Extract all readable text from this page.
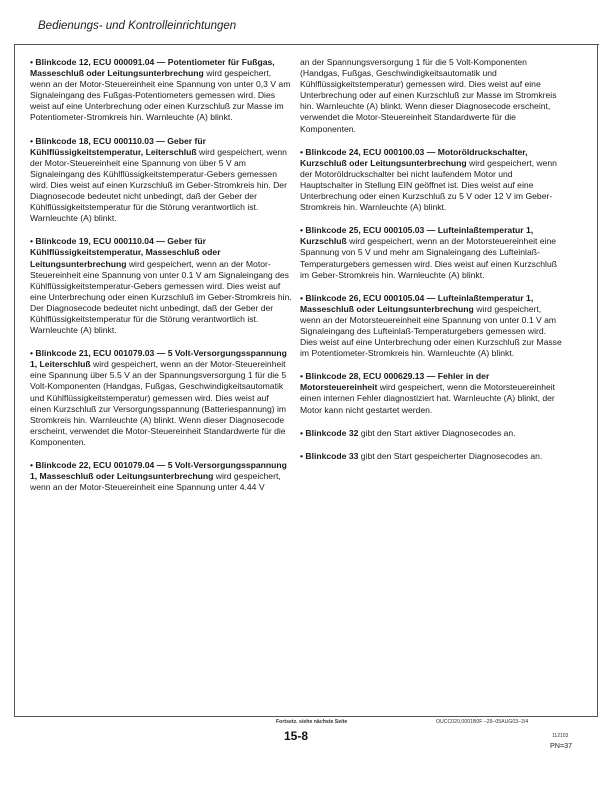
Bedienungs- und Kontrolleinrichtungen

• Blinkcode 12, ECU 000091.04 — Potentiometer für Fußgas, Masseschluß oder Leitungsunterbrechung wird gespeichert, wenn an der Motor-Steuereinheit eine Spannung von unter 0,3 V am Signaleingang des Fußgas-Potentiometers gemessen wird. Dies weist auf eine Unterbrechung oder einen Kurzschluß zur Masse im Potentiometer-Stromkreis hin. Warnleuchte (A) blinkt.

• Blinkcode 18, ECU 000110.03 — Geber für Kühlflüssigkeitstemperatur, Leiterschluß wird gespeichert, wenn der Motor-Steuereinheit eine Spannung von über 5 V am Signaleingang des Kühlflüssigkeitstemperatur-Gebers gemessen wird. Dies weist auf einen Kurzschluß im Geber-Stromkreis hin. Der Diagnosecode bedeutet nicht unbedingt, daß der Geber der Kühlflüssigkeitstemperatur für die Störung verantwortlich ist. Warnleuchte (A) blinkt.

• Blinkcode 19, ECU 000110.04 — Geber für Kühlflüssigkeitstemperatur, Masseschluß oder Leitungsunterbrechung wird gespeichert, wenn an der Motor-Steuereinheit eine Spannung von unter 0.1 V am Signaleingang des Kühlflüssigkeitstemperatur-Gebers gemessen wird. Dies weist auf eine Unterbrechung oder einen Kurzschluß im Geber-Stromkreis hin. Der Diagnosecode bedeutet nicht unbedingt, daß der Geber der Kühlflüssigkeitstemperatur für die Störung verantwortlich ist. Warnleuchte (A) blinkt.

• Blinkcode 21, ECU 001079.03 — 5 Volt-Versorgungsspannung 1, Leiterschluß wird gespeichert, wenn an der Motor-Steuereinheit eine Spannung über 5.5 V an der Spannungsversorgung 1 für die 5 Volt-Komponenten (Handgas, Fußgas, Geschwindigkeitsautomatik und Kühlflüssigkeitstemperatur) gemessen wird. Dies weist auf einen Kurzschluß zur Versorgungsspannung (Batteriespannung) im Stromkreis hin. Warnleuchte (A) blinkt. Wenn dieser Diagnosecode erscheint, verwendet die Motor-Steuereinheit Standardwerte für die Komponenten.

• Blinkcode 22, ECU 001079.04 — 5 Volt-Versorgungsspannung 1, Masseschluß oder Leitungsunterbrechung wird gespeichert, wenn an der Motor-Steuereinheit eine Spannung unter 4.44 V

an der Spannungsversorgung 1 für die 5 Volt-Komponenten (Handgas, Fußgas, Geschwindigkeitsautomatik und Kühlflüssigkeitstemperatur) gemessen wird. Dies weist auf eine Unterbrechung oder auf einen Kurzschluß zur Masse im Stromkreis hin. Warnleuchte (A) blinkt. Wenn dieser Diagnosecode erscheint, verwendet die Motor-Steuereinheit Standardwerte für die Komponenten.

• Blinkcode 24, ECU 000100.03 — Motoröldruckschalter, Kurzschluß oder Leitungsunterbrechung wird gespeichert, wenn der Motoröldruckschalter bei nicht laufendem Motor und Hauptschalter in Stellung EIN geöffnet ist. Dies weist auf eine Unterbrechung oder einen Kurzschluß zu 5 V oder 12 V im Geber-Stromkreis hin. Warnleuchte (A) blinkt.

• Blinkcode 25, ECU 000105.03 — Lufteinlaßtemperatur 1, Kurzschluß wird gespeichert, wenn an der Motorsteuereinheit eine Spannung von 5 V und mehr am Signaleingang des Lufteinlaß-Temperaturgebers gemessen wird. Dies weist auf einen Kurzschluß im Geber-Stromkreis hin. Warnleuchte (A) blinkt.

• Blinkcode 26, ECU 000105.04 — Lufteinlaßtemperatur 1, Masseschluß oder Leitungsunterbrechung wird gespeichert, wenn an der Motorsteuereinheit eine Spannung von unter 0.1 V am Signaleingang des Lufteinlaß-Temperaturgebers gemessen wird. Dies weist auf eine Unterbrechung oder einen Kurzschluß zur Masse im Potentiometer-Stromkreis hin. Warnleuchte (A) blinkt.

• Blinkcode 28, ECU 000629.13 — Fehler in der Motorsteuereinheit wird gespeichert, wenn die Motorsteuereinheit einen internen Fehler diagnostiziert hat. Warnleuchte (A) blinkt, der Motor kann nicht gestartet werden.

• Blinkcode 32 gibt den Start aktiver Diagnosecodes an.

• Blinkcode 33 gibt den Start gespeicherter Diagnosecodes an.

Fortsetz. siehe nächste Seite	OUCC020,0001B0F –29–05AUG03–2/4
15-8	112103
PN=37
